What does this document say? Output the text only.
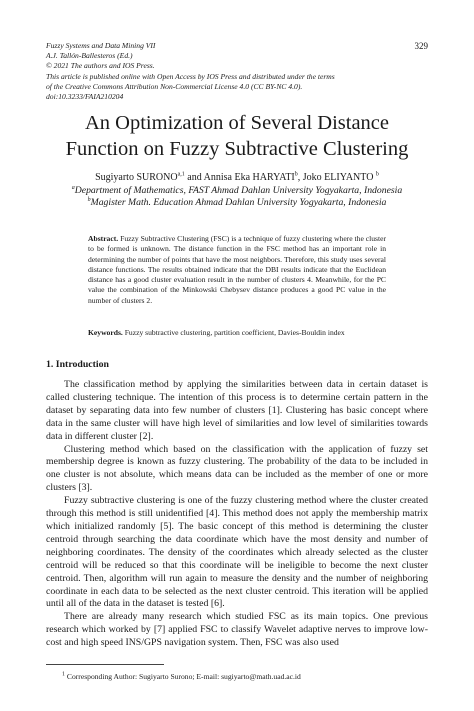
Fuzzy Systems and Data Mining VII
A.J. Tallón-Ballesteros (Ed.)
© 2021 The authors and IOS Press.
This article is published online with Open Access by IOS Press and distributed under the terms
of the Creative Commons Attribution Non-Commercial License 4.0 (CC BY-NC 4.0).
doi:10.3233/FAIA210204
329
An Optimization of Several Distance
Function on Fuzzy Subtractive Clustering
Sugiyarto SURONO$^{a,1}$ and Annisa Eka HARYATI$^b$, Joko ELIYANTO $^b$
$^a$Department of Mathematics, FAST Ahmad Dahlan University Yogyakarta, Indonesia
$^b$Magister Math. Education Ahmad Dahlan University Yogyakarta, Indonesia
Abstract. Fuzzy Subtractive Clustering (FSC) is a technique of fuzzy clustering where the cluster to be formed is unknown. The distance function in the FSC method has an important role in determining the number of points that have the most neighbors. Therefore, this study uses several distance functions. The results obtained indicate that the DBI results indicate that the Euclidean distance has a good cluster evaluation result in the number of clusters 4. Meanwhile, for the PC value the combination of the Minkowski Chebysev distance produces a good PC value in the number of clusters 2.
Keywords. Fuzzy subtractive clustering, partition coefficient, Davies-Bouldin index
1. Introduction

The classification method by applying the similarities between data in certain dataset is called clustering technique. The intention of this process is to determine certain pattern in the dataset by separating data into few number of clusters [1]. Clustering has basic concept where data in the same cluster will have high level of similarities and low level of similarities towards data in different cluster [2].

Clustering method which based on the classification with the application of fuzzy set membership degree is known as fuzzy clustering. The probability of the data to be included in one cluster is not absolute, which means data can be included as the member of one or more clusters [3].

Fuzzy subtractive clustering is one of the fuzzy clustering method where the cluster created through this method is still unidentified [4]. This method does not apply the membership matrix which initialized randomly [5]. The basic concept of this method is determining the cluster centroid through searching the data coordinate which have the most density and number of neighboring coordinates. The density of the coordinates which already selected as the cluster centroid will be reduced so that this coordinate will be ineligible to become the next cluster centroid. Then, algorithm will run again to measure the density and the number of neighboring coordinate in each data to be selected as the next cluster centroid. This iteration will be applied until all of the data in the dataset is tested [6].

There are already many research which studied FSC as its main topics. One previous research which worked by [7] applied FSC to classify Wavelet adaptive nerves to improve low-cost and high speed INS/GPS navigation system. Then, FSC was also used

$^1$ Corresponding Author: Sugiyarto Surono; E-mail: sugiyarto@math.uad.ac.id
